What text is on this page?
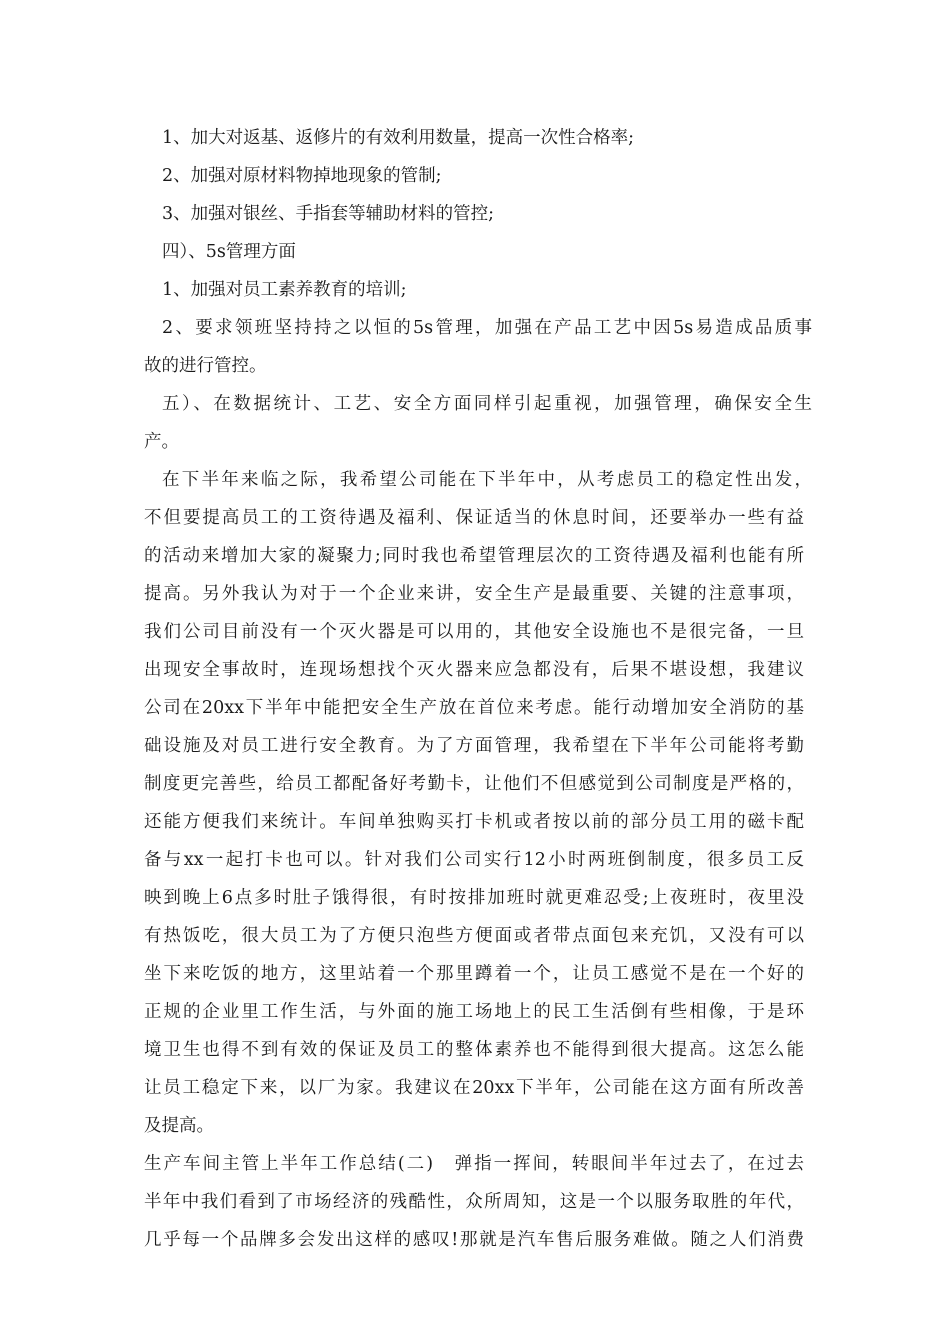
1、加大对返基、返修片的有效利用数量，提高一次性合格率;
2、加强对原材料物掉地现象的管制;
3、加强对银丝、手指套等辅助材料的管控;
四）、5s管理方面
1、加强对员工素养教育的培训;
2、要求领班坚持持之以恒的5s管理，加强在产品工艺中因5s易造成品质事
故的进行管控。
五）、在数据统计、工艺、安全方面同样引起重视，加强管理，确保安全生
产。
在下半年来临之际，我希望公司能在下半年中，从考虑员工的稳定性出发，
不但要提高员工的工资待遇及福利、保证适当的休息时间，还要举办一些有益
的活动来增加大家的凝聚力;同时我也希望管理层次的工资待遇及福利也能有所
提高。另外我认为对于一个企业来讲，安全生产是最重要、关键的注意事项，
我们公司目前没有一个灭火器是可以用的，其他安全设施也不是很完备，一旦
出现安全事故时，连现场想找个灭火器来应急都没有，后果不堪设想，我建议
公司在20xx下半年中能把安全生产放在首位来考虑。能行动增加安全消防的基
础设施及对员工进行安全教育。为了方面管理，我希望在下半年公司能将考勤
制度更完善些，给员工都配备好考勤卡，让他们不但感觉到公司制度是严格的，
还能方便我们来统计。车间单独购买打卡机或者按以前的部分员工用的磁卡配
备与xx一起打卡也可以。针对我们公司实行12小时两班倒制度，很多员工反
映到晚上6点多时肚子饿得很，有时按排加班时就更难忍受;上夜班时，夜里没
有热饭吃，很大员工为了方便只泡些方便面或者带点面包来充饥，又没有可以
坐下来吃饭的地方，这里站着一个那里蹲着一个，让员工感觉不是在一个好的
正规的企业里工作生活，与外面的施工场地上的民工生活倒有些相像，于是环
境卫生也得不到有效的保证及员工的整体素养也不能得到很大提高。这怎么能
让员工稳定下来，以厂为家。我建议在20xx下半年，公司能在这方面有所改善
及提高。
生产车间主管上半年工作总结(二)　弹指一挥间，转眼间半年过去了，在过去
半年中我们看到了市场经济的残酷性，众所周知，这是一个以服务取胜的年代，
几乎每一个品牌多会发出这样的感叹!那就是汽车售后服务难做。随之人们消费
